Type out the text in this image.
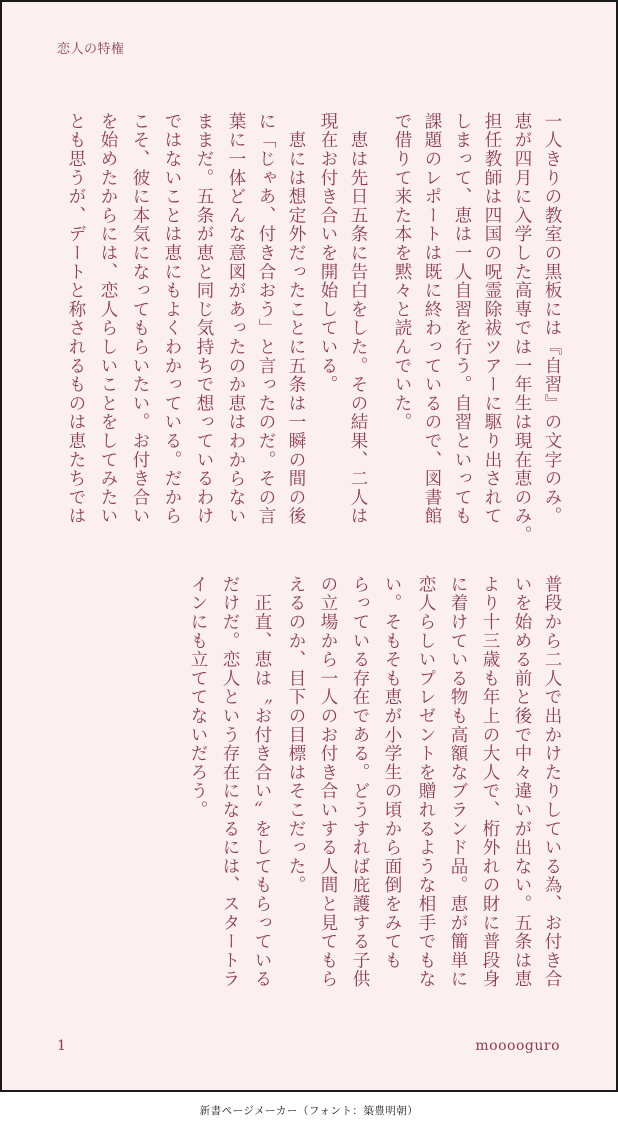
恋人の特権
一人きりの教室の黒板には『自習』の文字のみ。
恵が四月に入学した高専では一年生は現在恵のみ。
担任教師は四国の呪霊除祓ツアーに駆り出されて
しまって、恵は一人自習を行う。自習といっても
課題のレポートは既に終わっているので、図書館
で借りて来た本を黙々と読んでいた。
　恵は先日五条に告白をした。その結果、二人は
現在お付き合いを開始している。
　恵には想定外だったことに五条は一瞬の間の後
に「じゃあ、付き合おう」と言ったのだ。その言
葉に一体どんな意図があったのか恵はわからない
ままだ。五条が恵と同じ気持ちで想っているわけ
ではないことは恵にもよくわかっている。だから
こそ、彼に本気になってもらいたい。お付き合い
を始めたからには、恋人らしいことをしてみたい
とも思うが、デートと称されるものは恵たちでは
普段から二人で出かけたりしている為、お付き合
いを始める前と後で中々違いが出ない。五条は恵
より十三歳も年上の大人で、桁外れの財に普段身
に着けている物も高額なブランド品。恵が簡単に
恋人らしいプレゼントを贈れるような相手でもな
い。そもそも恵が小学生の頃から面倒をみても
らっている存在である。どうすれば庇護する子供
の立場から一人のお付き合いする人間と見てもら
えるのか、目下の目標はそこだった。
　正直、恵は〝お付き合い〟をしてもらっている
だけだ。恋人という存在になるには、スタートラ
インにも立ててないだろう。
1	mooooguro
新書ページメーカー（フォント：築豊明朝）
